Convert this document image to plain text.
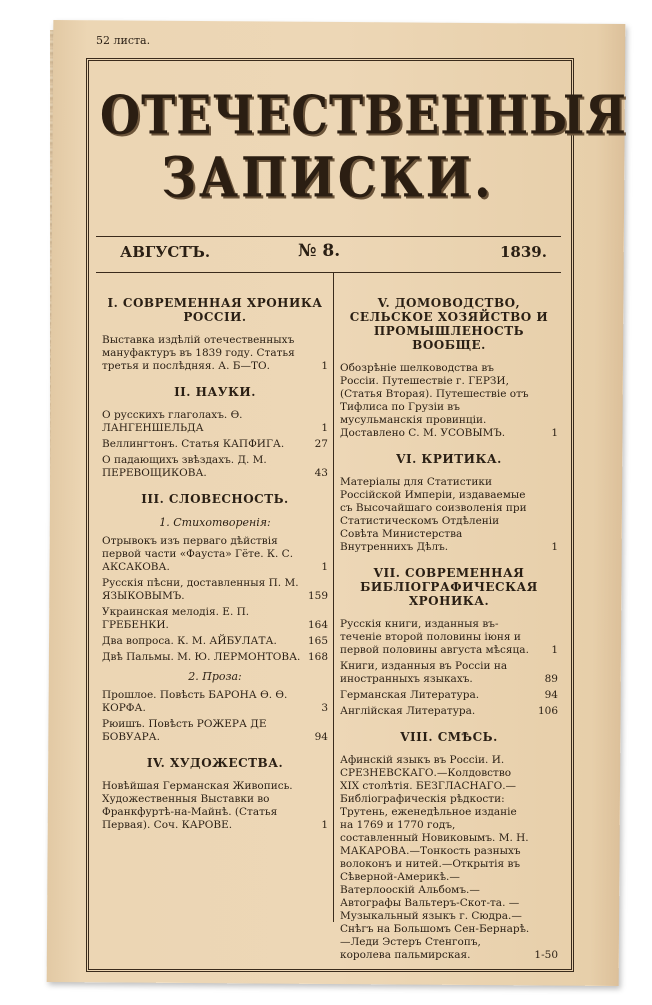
52 листа.
ОТЕЧЕСТВЕННЫЯ
ЗАПИСКИ.
АВГУСТЪ.	№ 8.	1839.
I. СОВРЕМЕННАЯ ХРОНИКА РОССІИ.
Выставка издѣлій отечественныхъ мануфактуръ въ 1839 году. Статья третья и послѣдняя. А. Б—ТО.	1
II. НАУКИ.
О русскихъ глаголахъ. Ѳ. ЛАНГЕНШЕЛЬДА	1
Веллингтонъ. Статья КАПФИГА.	27
О падающихъ звѣздахъ. Д. М. ПЕРЕВОЩИКОВА.	43
III. СЛОВЕСНОСТЬ.
1. Стихотворенія:
Отрывокъ изъ перваго дѣйствія первой части «Фауста» Гёте. К. С. АКСАКОВА.	1
Русскія пѣсни, доставленныя П. М. ЯЗЫКОВЫМЪ.	159
Украинская мелодія. Е. П. ГРЕБЕНКИ.	164
Два вопроса. К. М. АЙБУЛАТА.	165
Двѣ Пальмы. М. Ю. ЛЕРМОНТОВА. 168
2. Проза:
Прошлое. Повѣсть БАРОНА Ѳ. Ѳ. КОРФА.	3
Рюишъ. Повѣсть РОЖЕРА ДЕ БОВУАРА.	94
IV. ХУДОЖЕСТВА.
Новѣйшая Германская Живопись. Художественныя Выставки во Франкфуртѣ-на-Майнѣ. (Статья Первая). Соч. КАРОВЕ.	1
V. ДОМОВОДСТВО, СЕЛЬСКОЕ ХОЗЯЙСТВО И ПРОМЫШЛЕНОСТЬ ВООБЩЕ.
Обозрѣніе шелководства въ Россіи. Путешествіе г. ГЕРЗИ, (Статья Вторая). Путешествіе отъ Тифлиса по Грузіи въ мусульманскія провинціи. Доставлено С. М. УСОВЫМЪ.	1
VI. КРИТИКА.
Матеріалы для Статистики Россійской Имперіи, издаваемые съ Высочайшаго соизволенія при Статистическомъ Отдѣленіи Совѣта Министерства Внутреннихъ Дѣлъ.	1
VII. СОВРЕМЕННАЯ БИБЛІОГРАФИЧЕСКАЯ ХРОНИКА.
Русскія книги, изданныя въ-теченіе второй половины іюня и первой половины августа мѣсяца.	1
Книги, изданныя въ Россіи на иностранныхъ языкахъ.	89
Германская Литература.	94
Англійская Литература.	106
VIII. СМѢСЬ.
Афинскій языкъ въ Россіи. И. СРЕЗНЕВСКАГО.—Колдовство XIX столѣтія. БЕЗГЛАСНАГО.—Библіографическія рѣдкости: Трутень, еженедѣльное изданіе на 1769 и 1770 годъ, составленный Новиковымъ. М. Н. МАКАРОВА.—Тонкость разныхъ волоконъ и нитей.—Открытія въ Сѣверной-Америкѣ.—Ватерлооскій Альбомъ.—Автографы Вальтеръ-Скот-та. — Музыкальный языкъ г. Сюдра.—Снѣгъ на Большомъ Сен-Бернарѣ.—Леди Эстеръ Стенгопъ, королева пальмирская.	1-50
